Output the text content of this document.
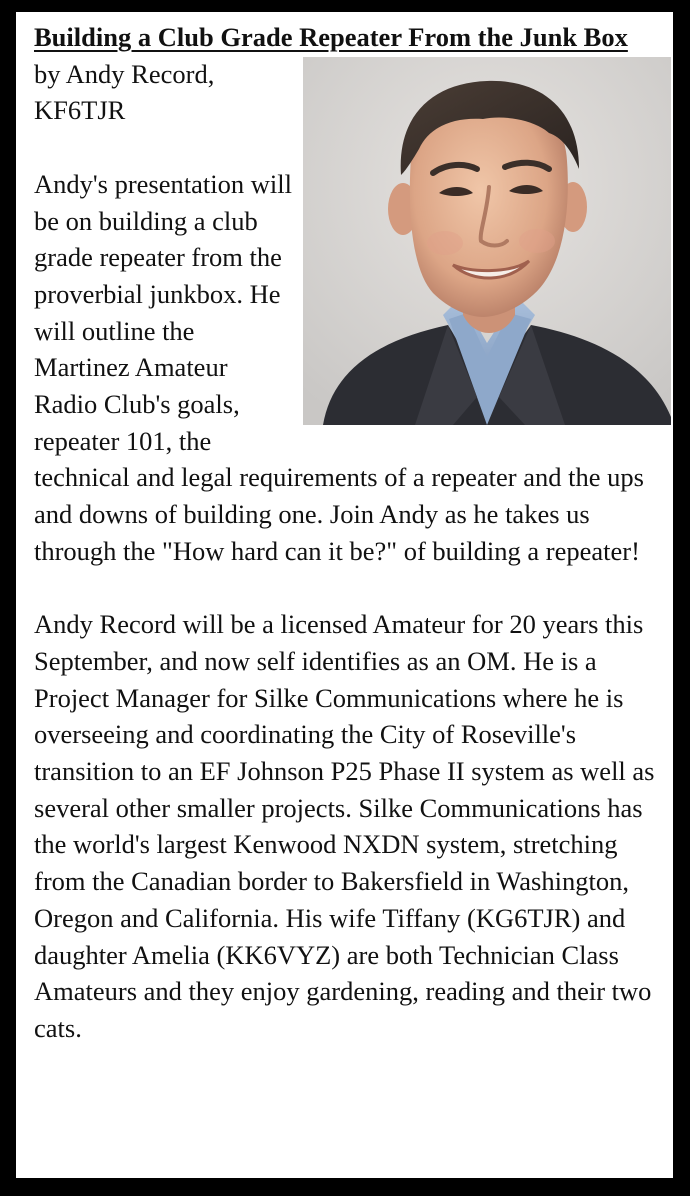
Building a Club Grade Repeater From the Junk Box
by Andy Record, KF6TJR

Andy's presentation will be on building a club grade repeater from the proverbial junkbox. He will outline the Martinez Amateur Radio Club's goals, repeater 101, the technical and legal requirements of a repeater and the ups and downs of building one. Join Andy as he takes us through the "How hard can it be?" of building a repeater!

Andy Record will be a licensed Amateur for 20 years this September, and now self identifies as an OM. He is a Project Manager for Silke Communications where he is overseeing and coordinating the City of Roseville's transition to an EF Johnson P25 Phase II system as well as several other smaller projects. Silke Communications has the world's largest Kenwood NXDN system, stretching from the Canadian border to Bakersfield in Washington, Oregon and California. His wife Tiffany (KG6TJR) and daughter Amelia (KK6VYZ) are both Technician Class Amateurs and they enjoy gardening, reading and their two cats.
